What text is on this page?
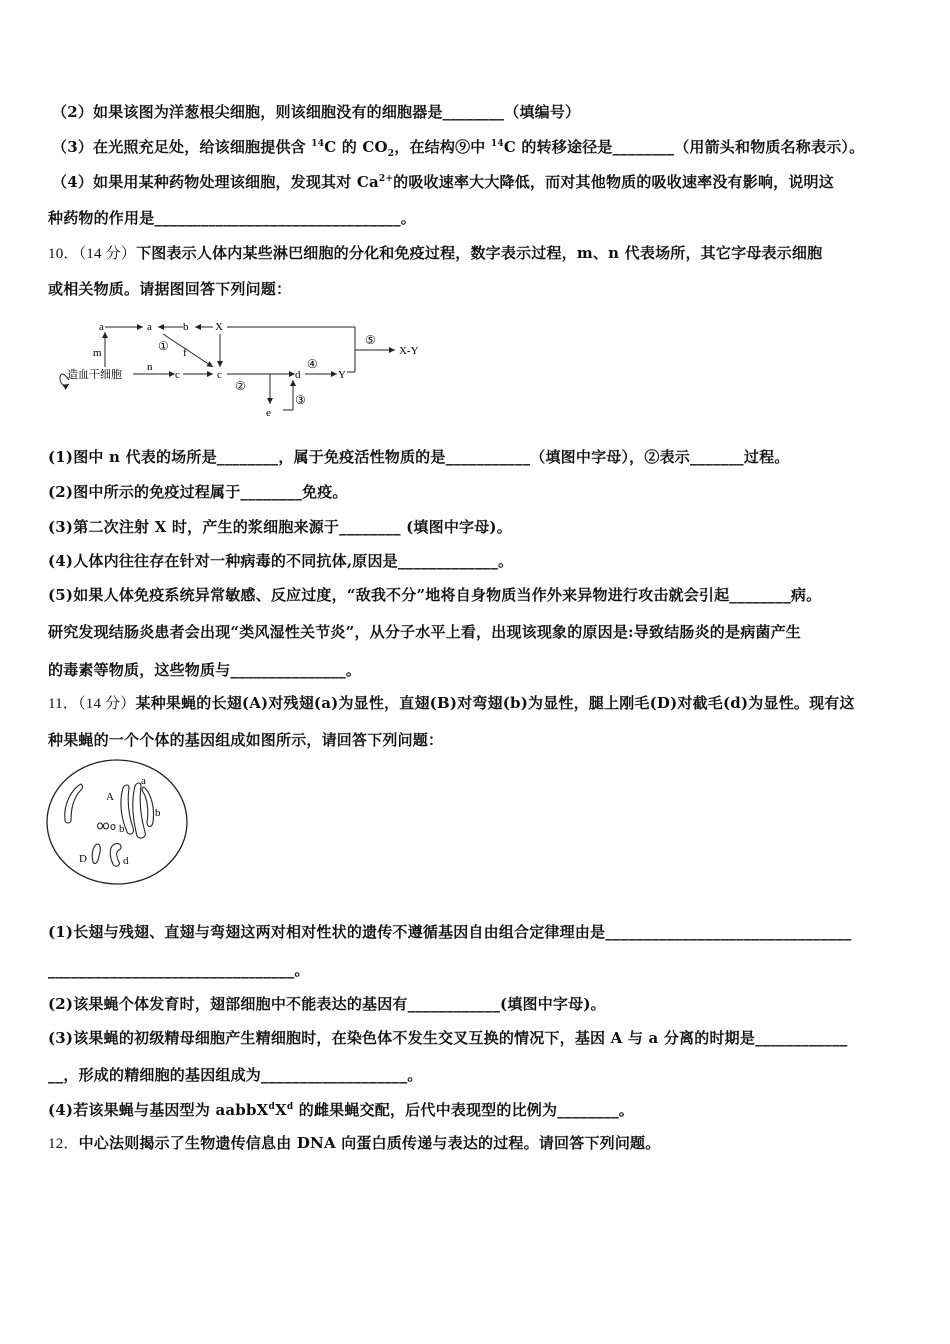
（2）如果该图为洋葱根尖细胞，则该细胞没有的细胞器是________（填编号）
（3）在光照充足处，给该细胞提供含 $^{14}$C 的 $CO_2$，在结构⑨中 $^{14}$C 的转移途径是________（用箭头和物质名称表示）。
（4）如果用某种药物处理该细胞，发现其对 $Ca^{2+}$的吸收速率大大降低，而对其他物质的吸收速率没有影响，说明这
种药物的作用是________________________________。
10．（14 分）下图表示人体内某些淋巴细胞的分化和免疫过程，数字表示过程，m、n 代表场所，其它字母表示细胞
或相关物质。请据图回答下列问题：
造血干细胞
a	a	b X
m
n
① f
c	c
②
d
④
Y
⑤
X-Y
e
③
(1)图中 n 代表的场所是________，属于免疫活性物质的是___________（填图中字母），②表示_______过程。
(2)图中所示的免疫过程属于________免疫。
(3)第二次注射 X 时，产生的浆细胞来源于________ (填图中字母)。
(4)人体内往往存在针对一种病毒的不同抗体,原因是_____________。
(5)如果人体免疫系统异常敏感、反应过度，“敌我不分”地将自身物质当作外来异物进行攻击就会引起________病。
研究发现结肠炎患者会出现“类风湿性关节炎”，从分子水平上看，出现该现象的原因是:导致结肠炎的是病菌产生
的毒素等物质，这些物质与_______________。
11．（14 分）某种果蝇的长翅(A)对残翅(a)为显性，直翅(B)对弯翅(b)为显性，腿上刚毛(D)对截毛(d)为显性。现有这
种果蝇的一个个体的基因组成如图所示，请回答下列问题：
A
a
b
b
D	d
(1)长翅与残翅、直翅与弯翅这两对相对性状的遗传不遵循基因自由组合定律理由是________________________________
________________________________。
(2)该果蝇个体发育时，翅部细胞中不能表达的基因有____________(填图中字母)。
(3)该果蝇的初级精母细胞产生精细胞时，在染色体不发生交叉互换的情况下，基因 A 与 a 分离的时期是____________
__，形成的精细胞的基因组成为___________________。
(4)若该果蝇与基因型为 $aabbX^dX^d$ 的雌果蝇交配，后代中表现型的比例为________。
12．中心法则揭示了生物遗传信息由 DNA 向蛋白质传递与表达的过程。请回答下列问题。
